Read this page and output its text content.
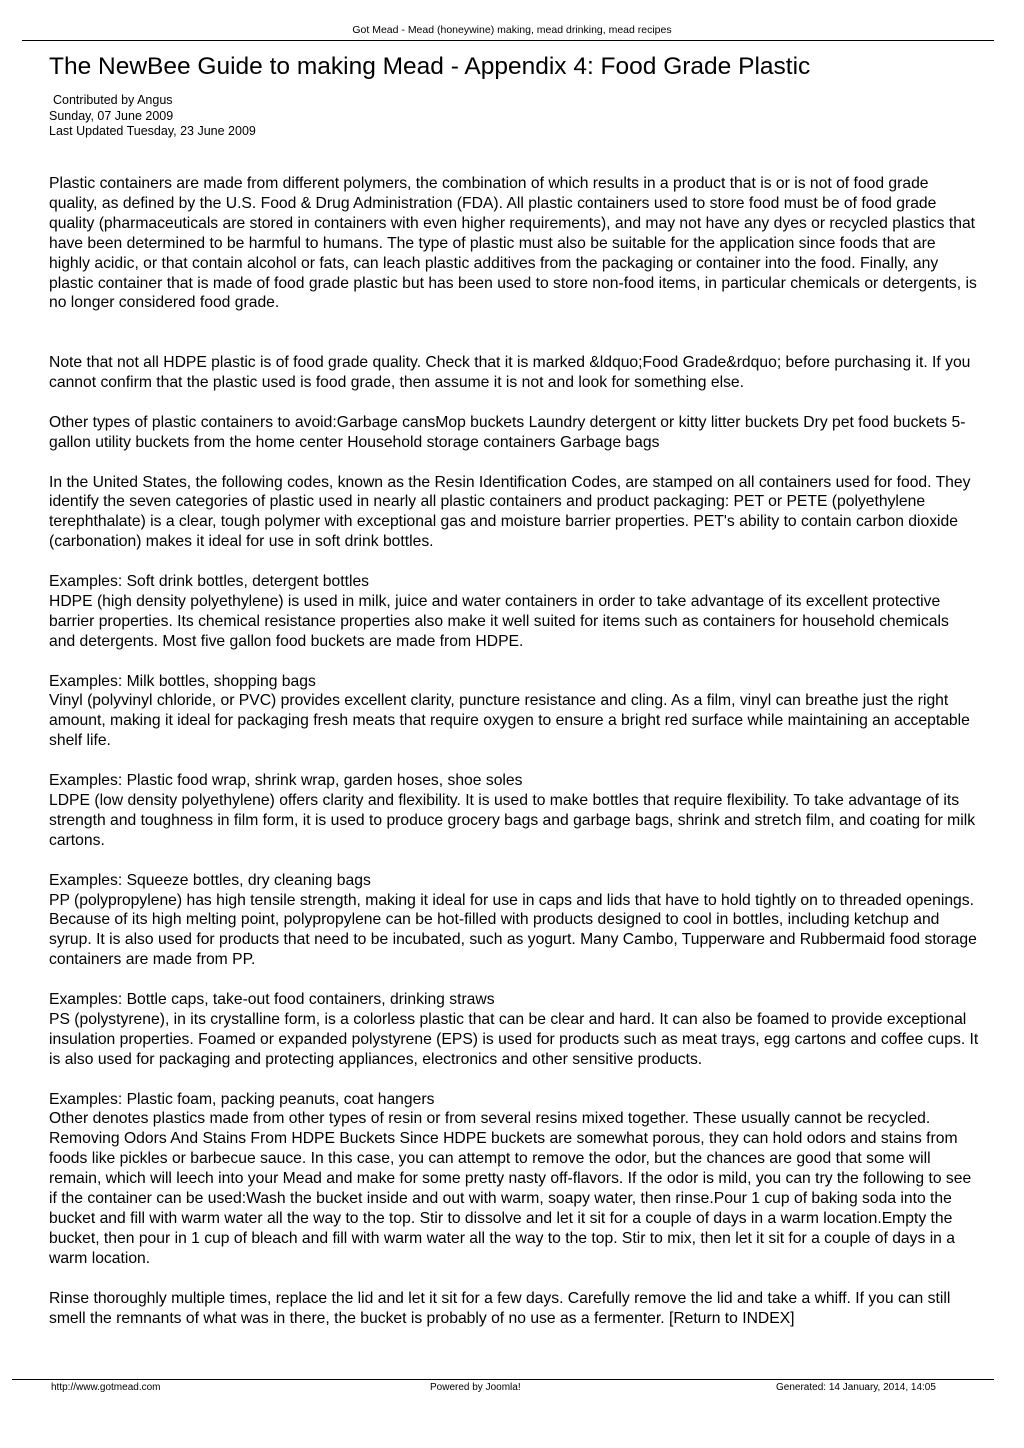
Got Mead - Mead (honeywine) making, mead drinking, mead recipes
The NewBee Guide to making Mead - Appendix 4: Food Grade Plastic
Contributed by Angus
Sunday, 07 June 2009
Last Updated Tuesday, 23 June 2009

Plastic containers are made from different polymers, the combination of which results in a product that is or is not of food grade quality, as defined by the U.S. Food & Drug Administration (FDA). All plastic containers used to store food must be of food grade quality (pharmaceuticals are stored in containers with even higher requirements), and may not have any dyes or recycled plastics that have been determined to be harmful to humans. The type of plastic must also be suitable for the application since foods that are highly acidic, or that contain alcohol or fats, can leach plastic additives from the packaging or container into the food. Finally, any plastic container that is made of food grade plastic but has been used to store non-food items, in particular chemicals or detergents, is no longer considered food grade.

Note that not all HDPE plastic is of food grade quality. Check that it is marked &ldquo;Food Grade&rdquo; before purchasing it. If you cannot confirm that the plastic used is food grade, then assume it is not and look for something else.

Other types of plastic containers to avoid:Garbage cansMop buckets Laundry detergent or kitty litter buckets Dry pet food buckets 5-gallon utility buckets from the home center Household storage containers Garbage bags

In the United States, the following codes, known as the Resin Identification Codes, are stamped on all containers used for food. They identify the seven categories of plastic used in nearly all plastic containers and product packaging: PET or PETE (polyethylene terephthalate) is a clear, tough polymer with exceptional gas and moisture barrier properties. PET's ability to contain carbon dioxide (carbonation) makes it ideal for use in soft drink bottles.

Examples: Soft drink bottles, detergent bottles

HDPE (high density polyethylene) is used in milk, juice and water containers in order to take advantage of its excellent protective barrier properties. Its chemical resistance properties also make it well suited for items such as containers for household chemicals and detergents. Most five gallon food buckets are made from HDPE.

Examples: Milk bottles, shopping bags

Vinyl (polyvinyl chloride, or PVC) provides excellent clarity, puncture resistance and cling. As a film, vinyl can breathe just the right amount, making it ideal for packaging fresh meats that require oxygen to ensure a bright red surface while maintaining an acceptable shelf life.

Examples: Plastic food wrap, shrink wrap, garden hoses, shoe soles

LDPE (low density polyethylene) offers clarity and flexibility. It is used to make bottles that require flexibility. To take advantage of its strength and toughness in film form, it is used to produce grocery bags and garbage bags, shrink and stretch film, and coating for milk cartons.

Examples: Squeeze bottles, dry cleaning bags

PP (polypropylene) has high tensile strength, making it ideal for use in caps and lids that have to hold tightly on to threaded openings. Because of its high melting point, polypropylene can be hot-filled with products designed to cool in bottles, including ketchup and syrup. It is also used for products that need to be incubated, such as yogurt. Many Cambo, Tupperware and Rubbermaid food storage containers are made from PP.

Examples: Bottle caps, take-out food containers, drinking straws

PS (polystyrene), in its crystalline form, is a colorless plastic that can be clear and hard. It can also be foamed to provide exceptional insulation properties. Foamed or expanded polystyrene (EPS) is used for products such as meat trays, egg cartons and coffee cups. It is also used for packaging and protecting appliances, electronics and other sensitive products.

Examples: Plastic foam, packing peanuts, coat hangers

Other denotes plastics made from other types of resin or from several resins mixed together. These usually cannot be recycled. Removing Odors And Stains From HDPE Buckets Since HDPE buckets are somewhat porous, they can hold odors and stains from foods like pickles or barbecue sauce. In this case, you can attempt to remove the odor, but the chances are good that some will remain, which will leech into your Mead and make for some pretty nasty off-flavors. If the odor is mild, you can try the following to see if the container can be used:Wash the bucket inside and out with warm, soapy water, then rinse.Pour 1 cup of baking soda into the bucket and fill with warm water all the way to the top. Stir to dissolve and let it sit for a couple of days in a warm location.Empty the bucket, then pour in 1 cup of bleach and fill with warm water all the way to the top. Stir to mix, then let it sit for a couple of days in a warm location.

Rinse thoroughly multiple times, replace the lid and let it sit for a few days. Carefully remove the lid and take a whiff. If you can still smell the remnants of what was in there, the bucket is probably of no use as a fermenter. [Return to INDEX]

http://www.gotmead.com	Powered by Joomla!	Generated: 14 January, 2014, 14:05
